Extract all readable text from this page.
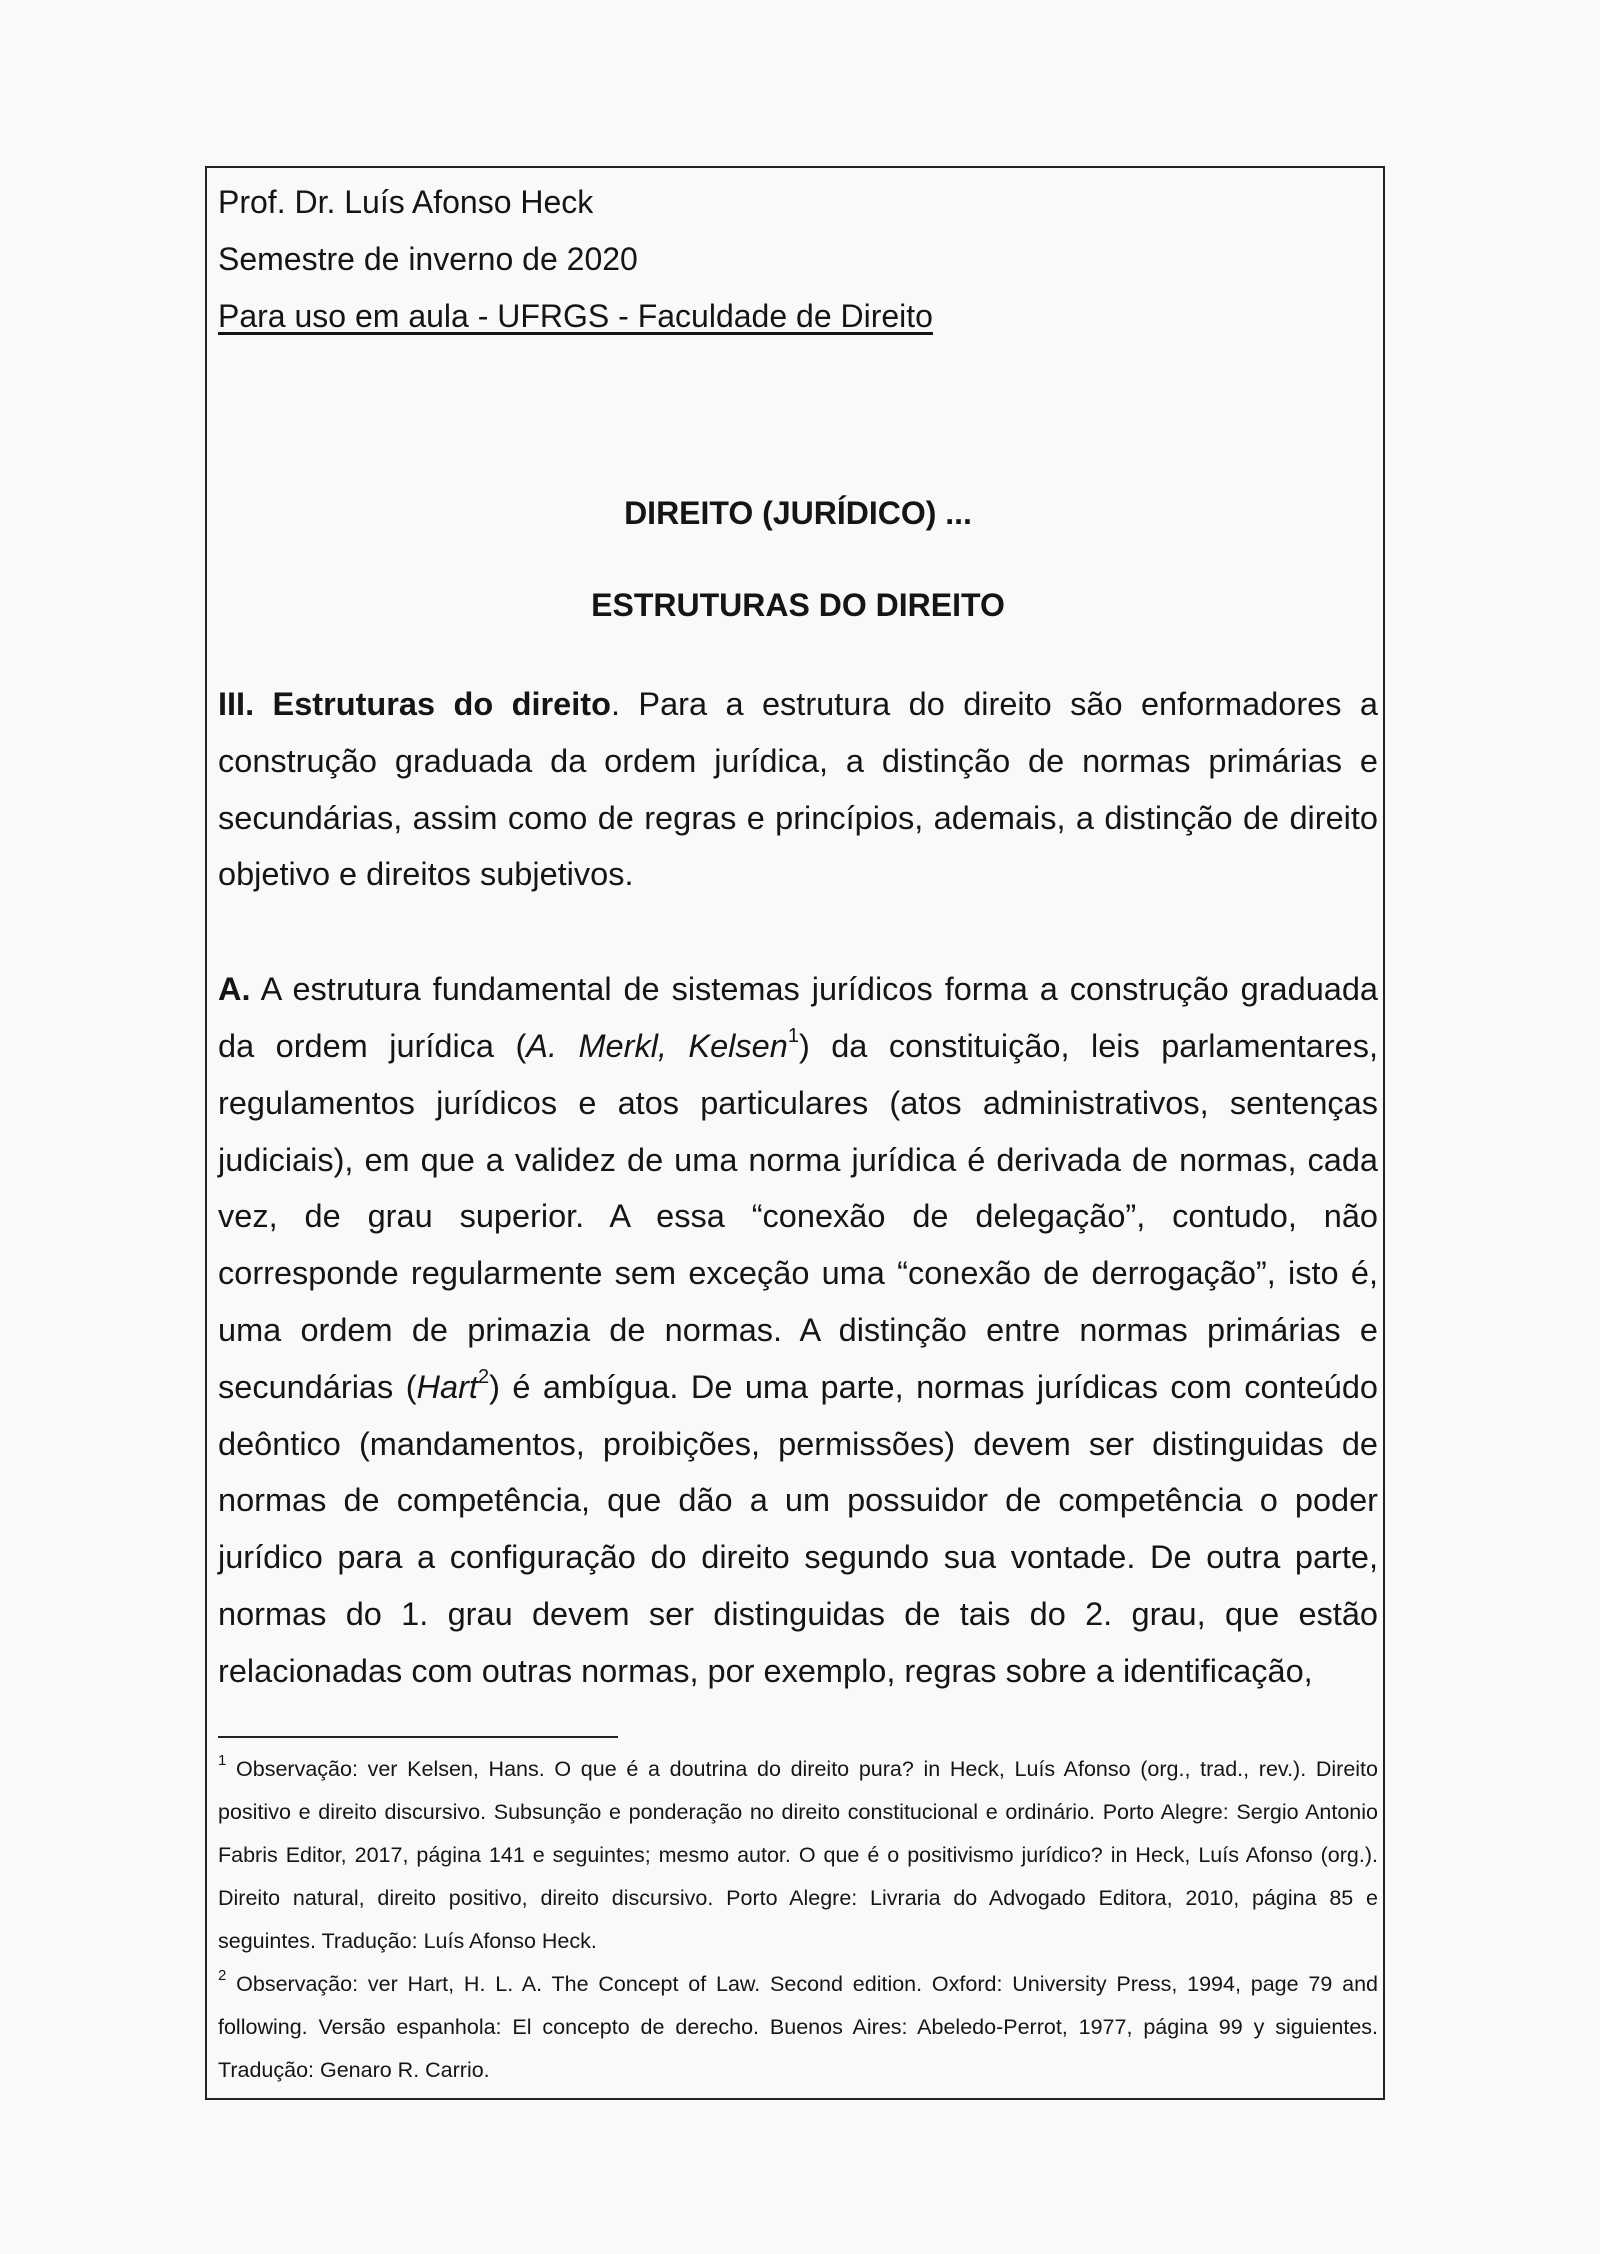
Prof. Dr. Luís Afonso Heck
Semestre de inverno de 2020
Para uso em aula - UFRGS - Faculdade de Direito
DIREITO (JURÍDICO) ...
ESTRUTURAS DO DIREITO
III. Estruturas do direito. Para a estrutura do direito são enformadores a construção graduada da ordem jurídica, a distinção de normas primárias e secundárias, assim como de regras e princípios, ademais, a distinção de direito objetivo e direitos subjetivos.
A. A estrutura fundamental de sistemas jurídicos forma a construção graduada da ordem jurídica (A. Merkl, Kelsen$^1$) da constituição, leis parlamentares, regulamentos jurídicos e atos particulares (atos administrativos, sentenças judiciais), em que a validez de uma norma jurídica é derivada de normas, cada vez, de grau superior. A essa “conexão de delegação”, contudo, não corresponde regularmente sem exceção uma “conexão de derrogação”, isto é, uma ordem de primazia de normas. A distinção entre normas primárias e secundárias (Hart$^2$) é ambígua. De uma parte, normas jurídicas com conteúdo deôntico (mandamentos, proibições, permissões) devem ser distinguidas de normas de competência, que dão a um possuidor de competência o poder jurídico para a configuração do direito segundo sua vontade. De outra parte, normas do 1. grau devem ser distinguidas de tais do 2. grau, que estão relacionadas com outras normas, por exemplo, regras sobre a identificação,
$^1$ Observação: ver Kelsen, Hans. O que é a doutrina do direito pura? in Heck, Luís Afonso (org., trad., rev.). Direito positivo e direito discursivo. Subsunção e ponderação no direito constitucional e ordinário. Porto Alegre: Sergio Antonio Fabris Editor, 2017, página 141 e seguintes; mesmo autor. O que é o positivismo jurídico? in Heck, Luís Afonso (org.). Direito natural, direito positivo, direito discursivo. Porto Alegre: Livraria do Advogado Editora, 2010, página 85 e seguintes. Tradução: Luís Afonso Heck.
$^2$ Observação: ver Hart, H. L. A. The Concept of Law. Second edition. Oxford: University Press, 1994, page 79 and following. Versão espanhola: El concepto de derecho. Buenos Aires: Abeledo-Perrot, 1977, página 99 y siguientes. Tradução: Genaro R. Carrio.
